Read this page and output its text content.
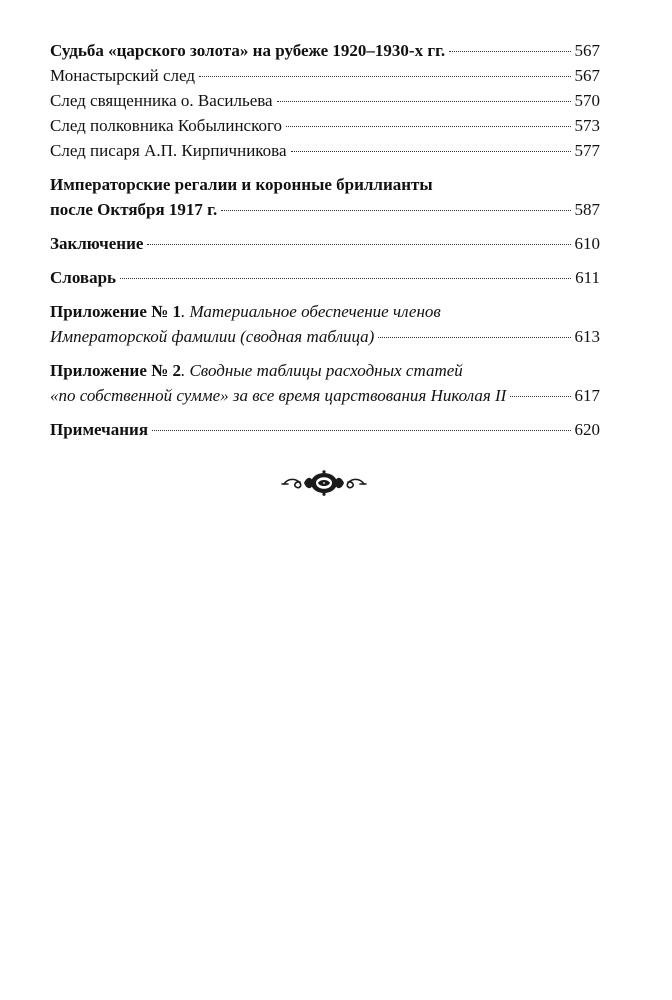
Судьба «царского золота» на рубеже 1920–1930-х гг.	567
Монастырский след	567
След священника о. Васильева	570
След полковника Кобылинского	573
След писаря А.П. Кирпичникова	577
Императорские регалии и коронные бриллианты
после Октября 1917 г.	587
Заключение	610
Словарь	611
Приложение № 1 . Материальное обеспечение членов
Императорской фамилии (сводная таблица)	613
Приложение № 2 . Сводные таблицы расходных статей
«по собственной сумме» за все время царствования Николая II	617
Примечания	620
